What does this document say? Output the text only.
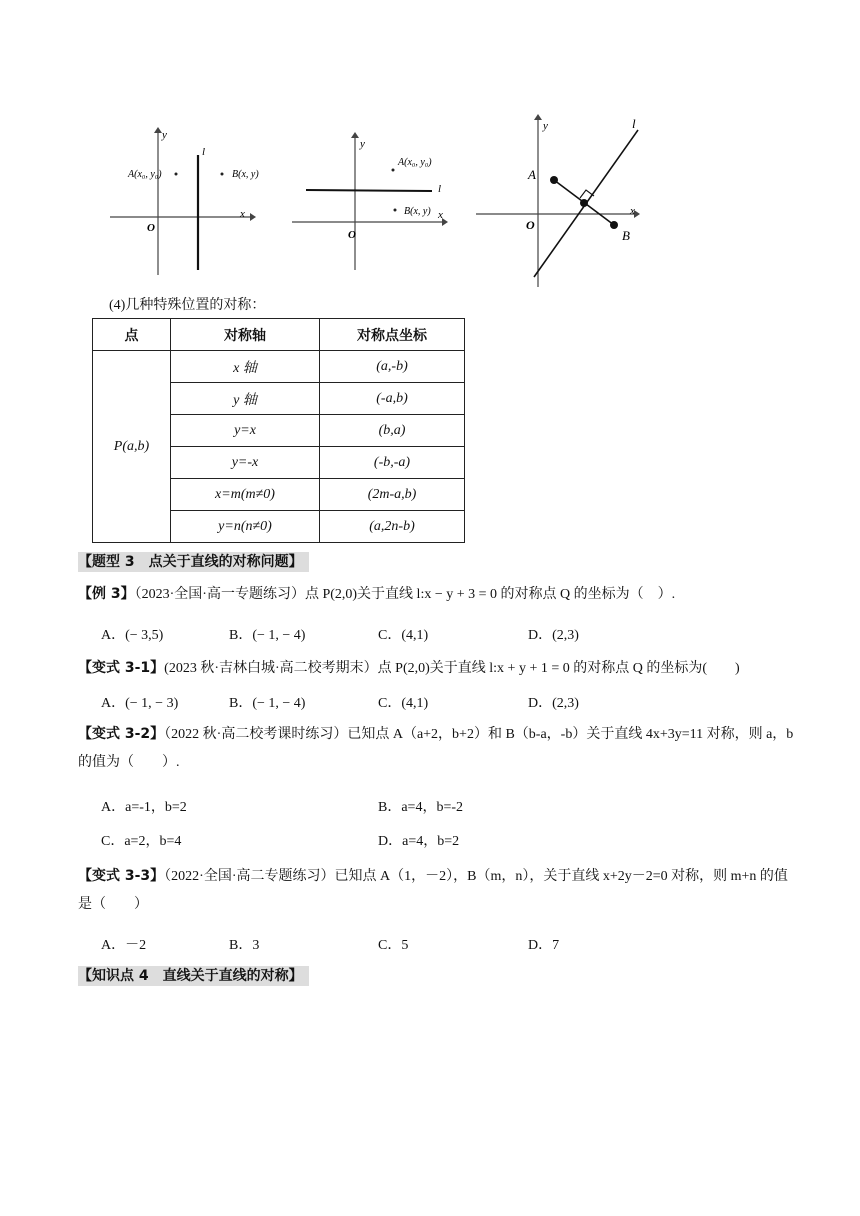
y
x
O
l
A(x₀, y₀)	B(x, y)
y
x
O
l
A(x₀, y₀)
B(x, y)
y
x
O
l
A
B
(4)几种特殊位置的对称：
点	对称轴	对称点坐标
P(a,b)	x 轴	(a,-b)
	y 轴	(-a,b)
	y=x	(b,a)
	y=-x	(-b,-a)
	x=m(m≠0)	(2m-a,b)
	y=n(n≠0)	(a,2n-b)
【题型 3　点关于直线的对称问题】
【例 3】（2023·全国·高一专题练习）点 P(2,0)关于直线 l:x − y + 3 = 0 的对称点 Q 的坐标为（　）.
A．(− 3,5)	B．(− 1, − 4)	C．(4,1)	D．(2,3)
【变式 3-1】(2023 秋·吉林白城·高二校考期末）点 P(2,0)关于直线 l:x + y + 1 = 0 的对称点 Q 的坐标为(　　)
A．(− 1, − 3)	B．(− 1, − 4)	C．(4,1)	D．(2,3)
【变式 3-2】（2022 秋·高二校考课时练习）已知点 A（a+2，b+2）和 B（b-a，-b）关于直线 4x+3y=11 对称，则 a，b 的值为（　　）.
A．a=-1，b=2	B．a=4，b=-2
C．a=2，b=4	D．a=4，b=2
【变式 3-3】（2022·全国·高二专题练习）已知点 A（1，－2），B（m，n），关于直线 x+2y－2=0 对称，则 m+n 的值是（　　）
A．－2	B．3	C．5	D．7
【知识点 4　直线关于直线的对称】
